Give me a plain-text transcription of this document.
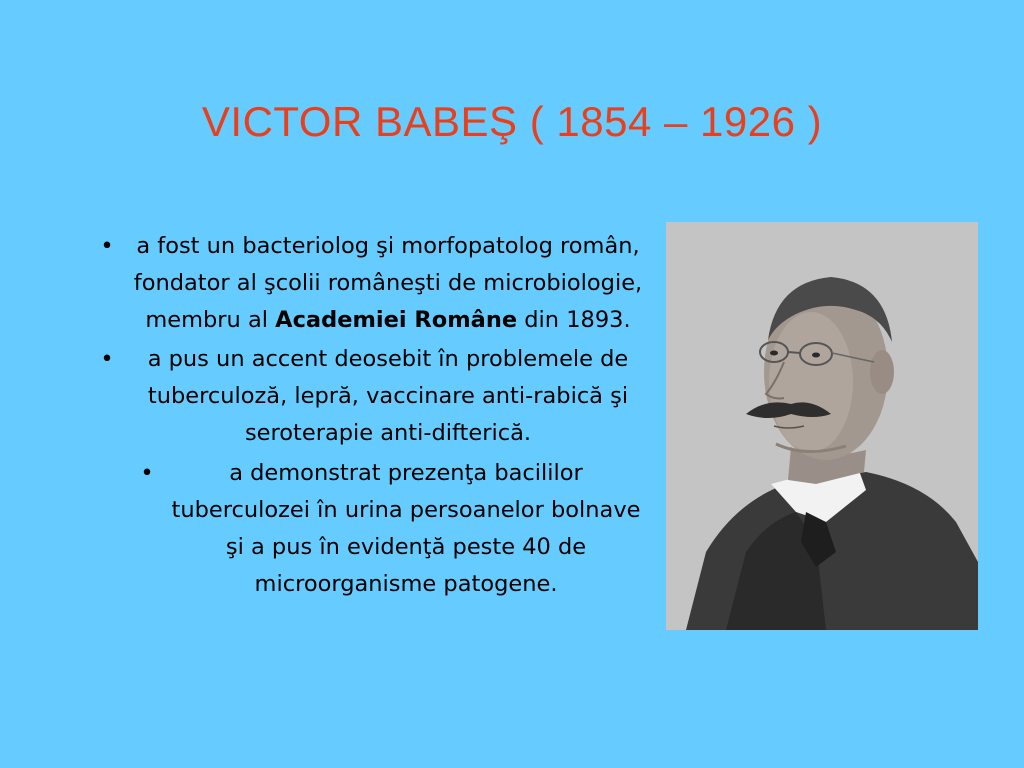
VICTOR BABEŞ ( 1854 – 1926 )
• a fost un bacteriolog şi morfopatolog român, fondator al şcolii româneşti de microbiologie, membru al Academiei Române din 1893.
• a pus un accent deosebit în problemele de tuberculoză, lepră, vaccinare anti-rabică şi seroterapie anti-difterică.
•	a demonstrat prezenţa bacililor tuberculozei în urina persoanelor bolnave şi a pus în evidenţă peste 40 de microorganisme patogene.
